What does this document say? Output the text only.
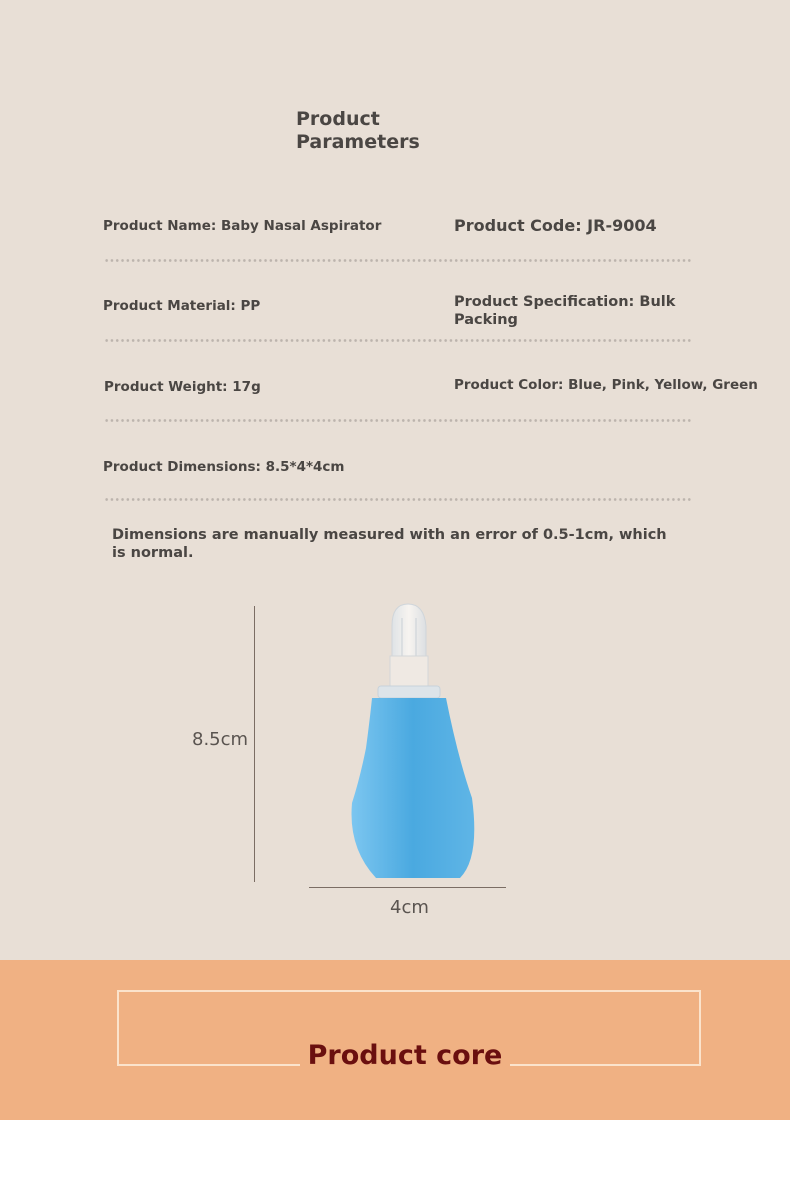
Product Parameters
Product Name: Baby Nasal Aspirator	Product Code: JR-9004
Product Material: PP	Product Specification: Bulk Packing
Product Weight: 17g	Product Color: Blue, Pink, Yellow, Green
Product Dimensions: 8.5*4*4cm
Dimensions are manually measured with an error of 0.5-1cm, which is normal.
8.5cm
4cm
Product core
